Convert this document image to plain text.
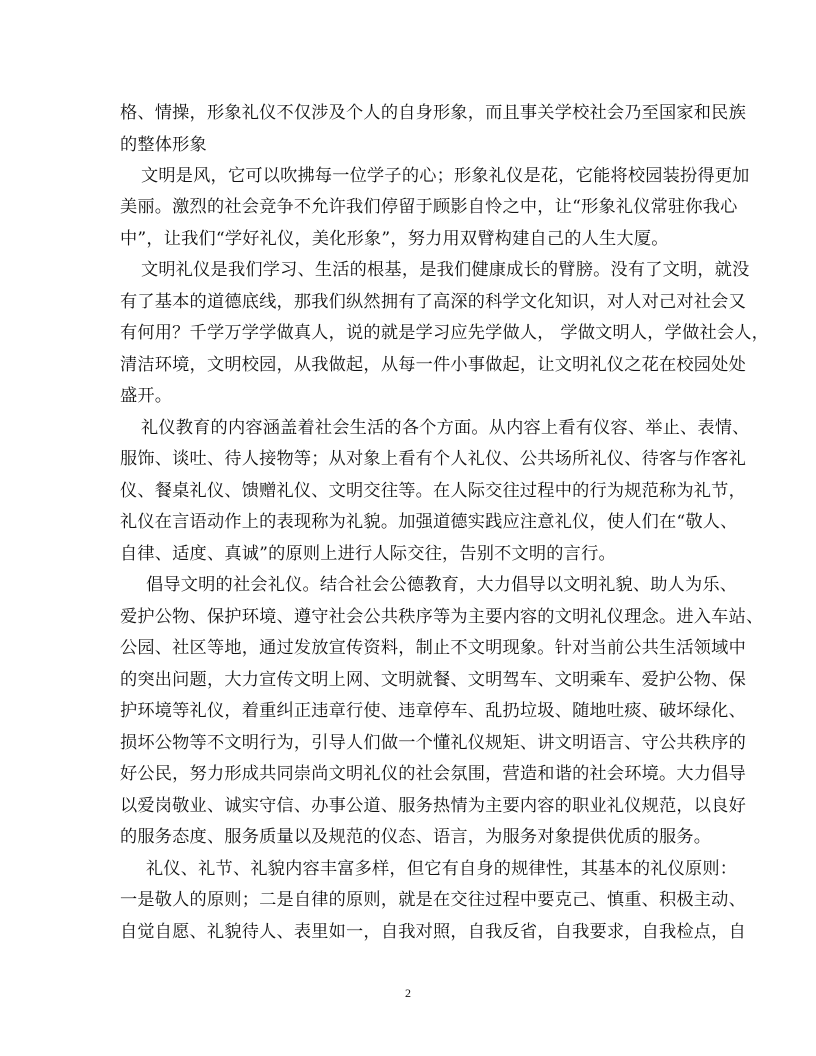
格、情操，形象礼仪不仅涉及个人的自身形象，而且事关学校社会乃至国家和民族
的整体形象
文明是风，它可以吹拂每一位学子的心；形象礼仪是花，它能将校园装扮得更加
美丽。激烈的社会竞争不允许我们停留于顾影自怜之中，让“形象礼仪常驻你我心
中”，让我们“学好礼仪，美化形象”，努力用双臂构建自己的人生大厦。
文明礼仪是我们学习、生活的根基，是我们健康成长的臂膀。没有了文明，就没
有了基本的道德底线，那我们纵然拥有了高深的科学文化知识，对人对己对社会又
有何用？千学万学学做真人，说的就是学习应先学做人， 学做文明人，学做社会人，
清洁环境，文明校园，从我做起，从每一件小事做起，让文明礼仪之花在校园处处
盛开。
礼仪教育的内容涵盖着社会生活的各个方面。从内容上看有仪容、举止、表情、
服饰、谈吐、待人接物等；从对象上看有个人礼仪、公共场所礼仪、待客与作客礼
仪、餐桌礼仪、馈赠礼仪、文明交往等。在人际交往过程中的行为规范称为礼节，
礼仪在言语动作上的表现称为礼貌。加强道德实践应注意礼仪，使人们在“敬人、
自律、适度、真诚”的原则上进行人际交往，告别不文明的言行。
倡导文明的社会礼仪。结合社会公德教育，大力倡导以文明礼貌、助人为乐、
爱护公物、保护环境、遵守社会公共秩序等为主要内容的文明礼仪理念。进入车站、
公园、社区等地，通过发放宣传资料，制止不文明现象。针对当前公共生活领域中
的突出问题，大力宣传文明上网、文明就餐、文明驾车、文明乘车、爱护公物、保
护环境等礼仪，着重纠正违章行使、违章停车、乱扔垃圾、随地吐痰、破坏绿化、
损坏公物等不文明行为，引导人们做一个懂礼仪规矩、讲文明语言、守公共秩序的
好公民，努力形成共同崇尚文明礼仪的社会氛围，营造和谐的社会环境。大力倡导
以爱岗敬业、诚实守信、办事公道、服务热情为主要内容的职业礼仪规范，以良好
的服务态度、服务质量以及规范的仪态、语言，为服务对象提供优质的服务。
礼仪、礼节、礼貌内容丰富多样，但它有自身的规律性，其基本的礼仪原则：
一是敬人的原则；二是自律的原则，就是在交往过程中要克己、慎重、积极主动、
自觉自愿、礼貌待人、表里如一，自我对照，自我反省，自我要求，自我检点，自
2
